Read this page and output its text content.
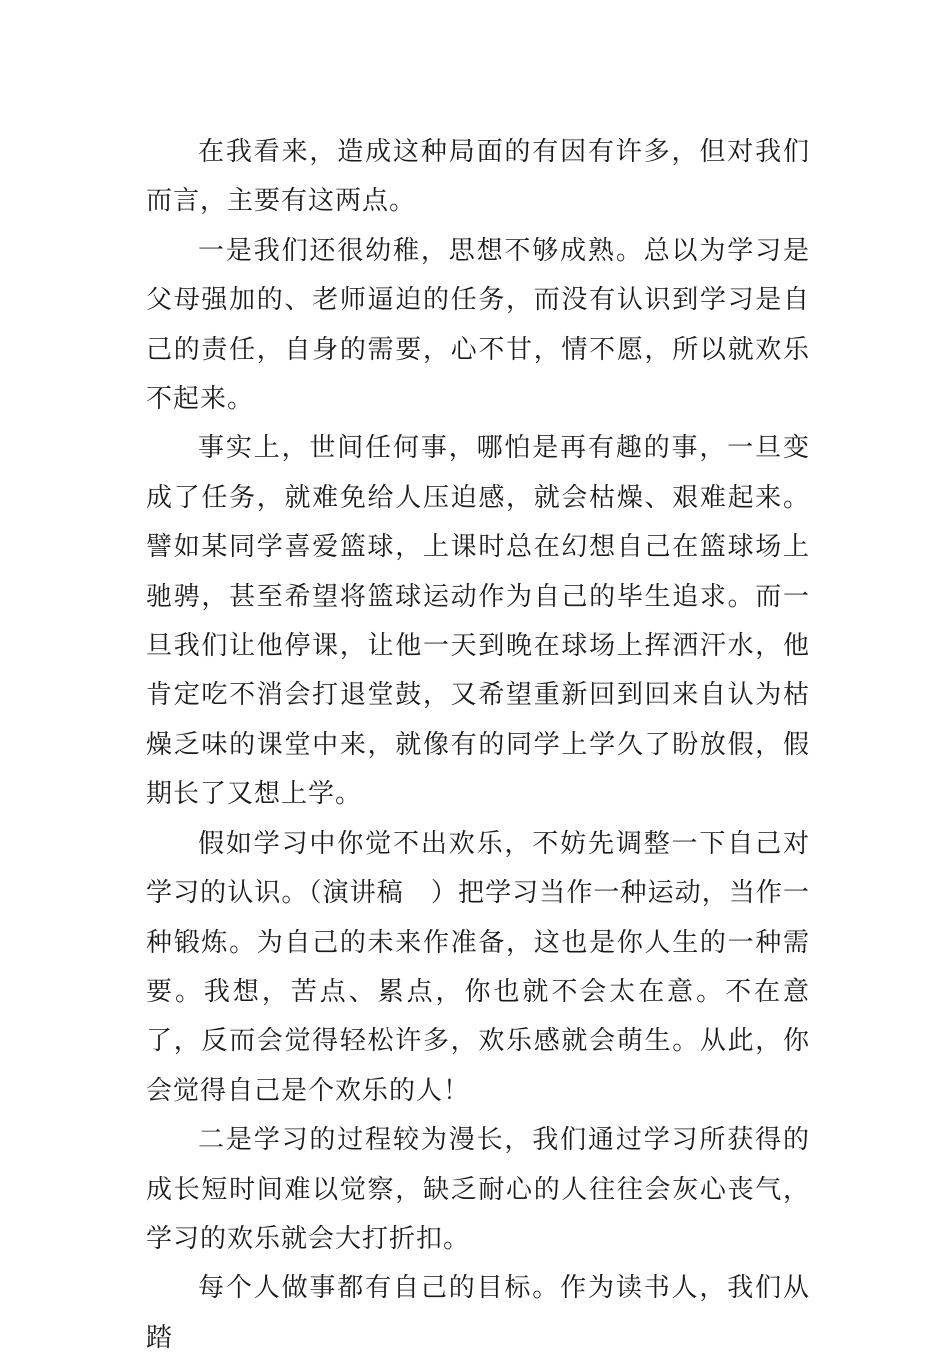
在我看来，造成这种局面的有因有许多，但对我们而言，主要有这两点。

一是我们还很幼稚，思想不够成熟。总以为学习是父母强加的、老师逼迫的任务，而没有认识到学习是自己的责任，自身的需要，心不甘，情不愿，所以就欢乐不起来。

事实上，世间任何事，哪怕是再有趣的事，一旦变成了任务，就难免给人压迫感，就会枯燥、艰难起来。譬如某同学喜爱篮球，上课时总在幻想自己在篮球场上驰骋，甚至希望将篮球运动作为自己的毕生追求。而一旦我们让他停课，让他一天到晚在球场上挥洒汗水，他肯定吃不消会打退堂鼓，又希望重新回到回来自认为枯燥乏味的课堂中来，就像有的同学上学久了盼放假，假期长了又想上学。

假如学习中你觉不出欢乐，不妨先调整一下自己对学习的认识。（演讲稿　）把学习当作一种运动，当作一种锻炼。为自己的未来作准备，这也是你人生的一种需要。我想，苦点、累点，你也就不会太在意。不在意了，反而会觉得轻松许多，欢乐感就会萌生。从此，你会觉得自己是个欢乐的人！

二是学习的过程较为漫长，我们通过学习所获得的成长短时间难以觉察，缺乏耐心的人往往会灰心丧气，学习的欢乐就会大打折扣。

每个人做事都有自己的目标。作为读书人，我们从踏
